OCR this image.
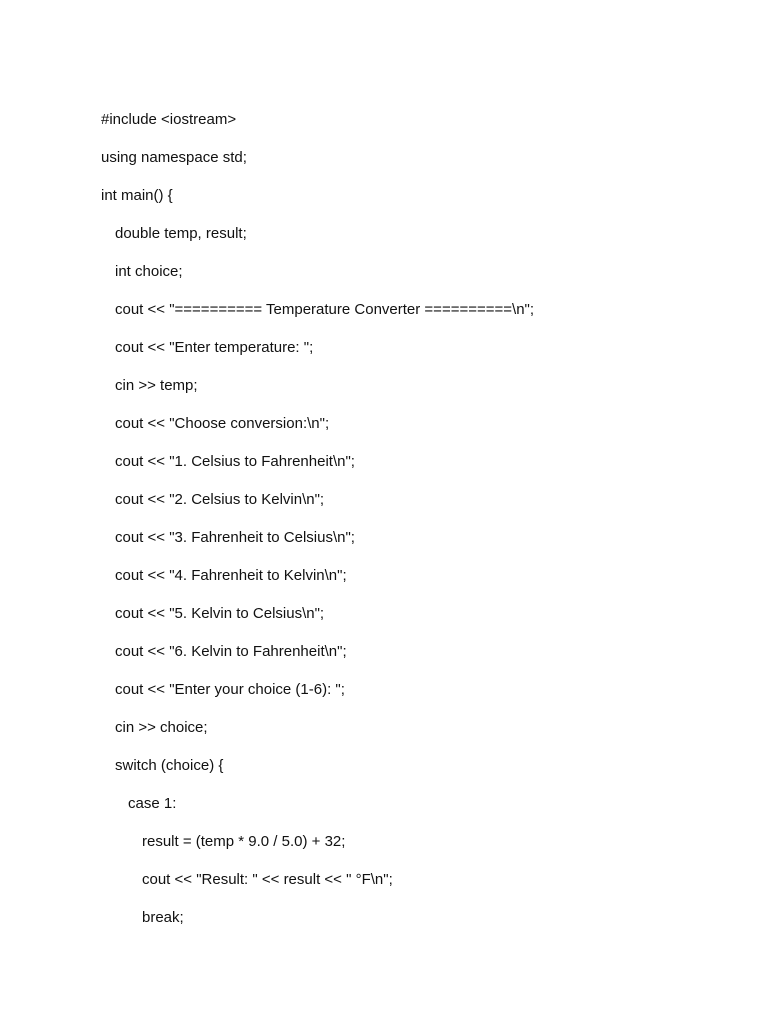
#include <iostream>
using namespace std;
int main() {
double temp, result;
int choice;
cout << "========== Temperature Converter ==========\n";
cout << "Enter temperature: ";
cin >> temp;
cout << "Choose conversion:\n";
cout << "1. Celsius to Fahrenheit\n";
cout << "2. Celsius to Kelvin\n";
cout << "3. Fahrenheit to Celsius\n";
cout << "4. Fahrenheit to Kelvin\n";
cout << "5. Kelvin to Celsius\n";
cout << "6. Kelvin to Fahrenheit\n";
cout << "Enter your choice (1-6): ";
cin >> choice;
switch (choice) {
case 1:
result = (temp * 9.0 / 5.0) + 32;
cout << "Result: " << result << " °F\n";
break;
